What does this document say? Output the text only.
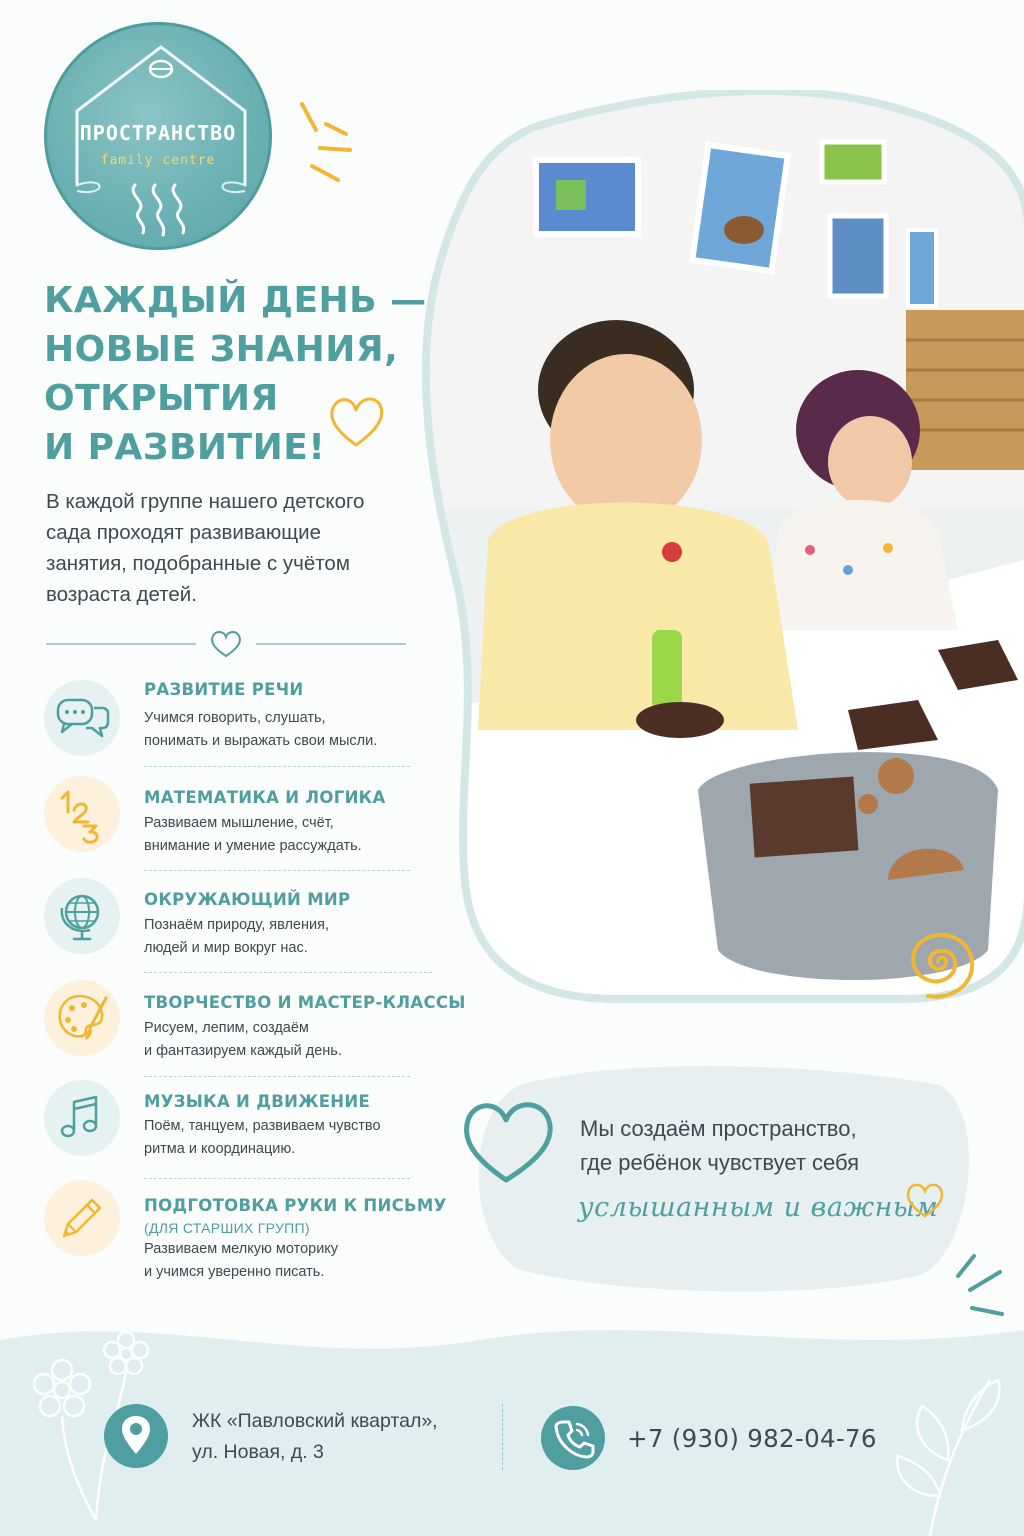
ПРОСТРАНСТВО
family centre
КАЖДЫЙ ДЕНЬ —
НОВЫЕ ЗНАНИЯ,
ОТКРЫТИЯ
И РАЗВИТИЕ!
В каждой группе нашего детского
сада проходят развивающие
занятия, подобранные с учётом
возраста детей.
РАЗВИТИЕ РЕЧИ
Учимся говорить, слушать,
понимать и выражать свои мысли.
МАТЕМАТИКА И ЛОГИКА
Развиваем мышление, счёт,
внимание и умение рассуждать.
ОКРУЖАЮЩИЙ МИР
Познаём природу, явления,
людей и мир вокруг нас.
ТВОРЧЕСТВО И МАСТЕР-КЛАССЫ
Рисуем, лепим, создаём
и фантазируем каждый день.
МУЗЫКА И ДВИЖЕНИЕ
Поём, танцуем, развиваем чувство
ритма и координацию.
ПОДГОТОВКА РУКИ К ПИСЬМУ
(ДЛЯ СТАРШИХ ГРУПП)
Развиваем мелкую моторику
и учимся уверенно писать.
Мы создаём пространство,
где ребёнок чувствует себя
услышанным и важным
ЖК «Павловский квартал»,
ул. Новая, д. 3	+7 (930) 982-04-76
